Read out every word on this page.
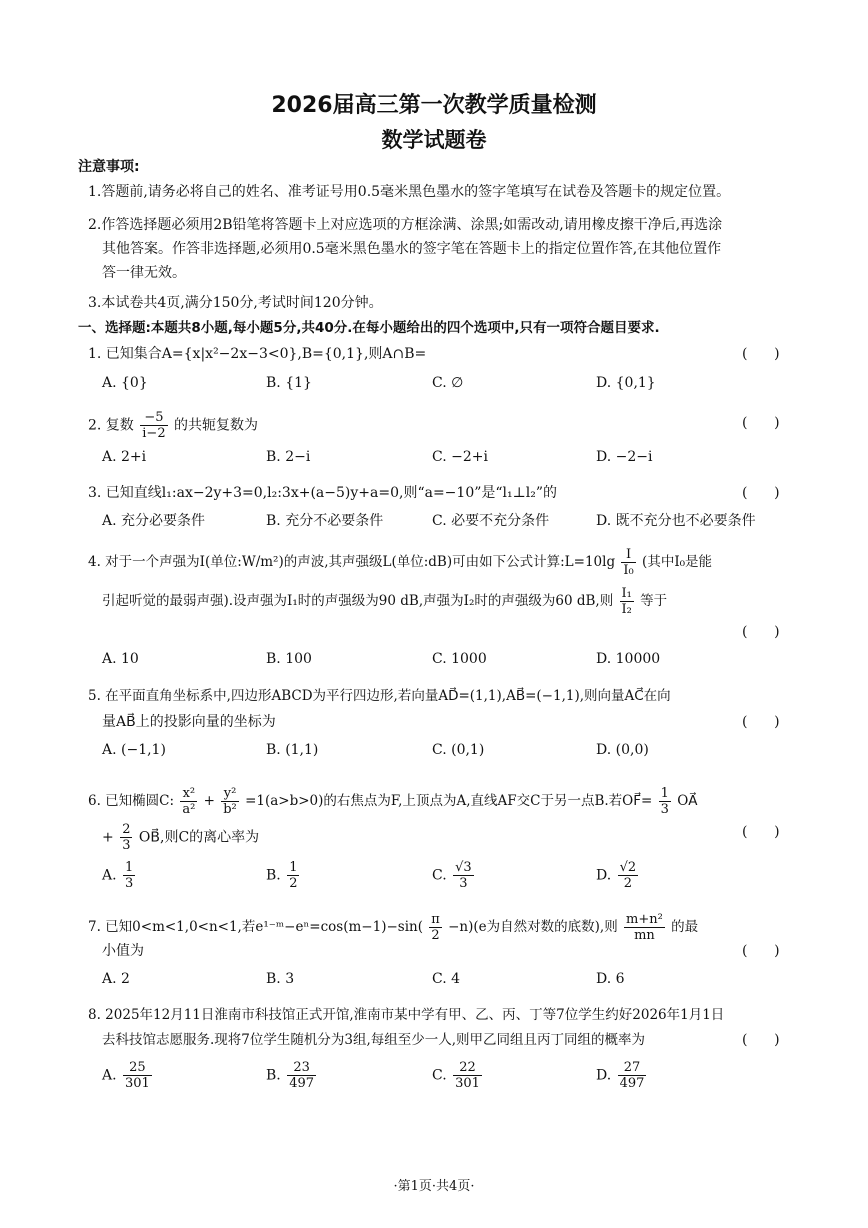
2026届高三第一次教学质量检测
数学试题卷
注意事项:
1.答题前,请务必将自己的姓名、准考证号用0.5毫米黑色墨水的签字笔填写在试卷及答题卡的规定位置。
2.作答选择题必须用2B铅笔将答题卡上对应选项的方框涂满、涂黑;如需改动,请用橡皮擦干净后,再选涂
其他答案。作答非选择题,必须用0.5毫米黑色墨水的签字笔在答题卡上的指定位置作答,在其他位置作
答一律无效。
3.本试卷共4页,满分150分,考试时间120分钟。
一、选择题:本题共8小题,每小题5分,共40分.在每小题给出的四个选项中,只有一项符合题目要求.
1. 已知集合A={x|x²−2x−3<0},B={0,1},则A∩B=	(      )
A. {0}	B. {1}	C. ∅	D. {0,1}
2. 复数 $\frac{-5}{i-2}$ 的共轭复数为	(      )
A. 2+i	B. 2−i	C. −2+i	D. −2−i
3. 已知直线l₁:ax−2y+3=0,l₂:3x+(a−5)y+a=0,则“a=−10”是“l₁⊥l₂”的	(      )
A. 充分必要条件	B. 充分不必要条件	C. 必要不充分条件	D. 既不充分也不必要条件
4. 对于一个声强为I(单位:W/m²)的声波,其声强级L(单位:dB)可由如下公式计算:L=10lg $\frac{I}{\text{I₀}}$ (其中I₀是能
引起听觉的最弱声强).设声强为I₁时的声强级为90 dB,声强为I₂时的声强级为60 dB,则 $\frac{\text{I₁}}{\text{I₂}}$ 等于
(      )
A. 10	B. 100	C. 1000	D. 10000
5. 在平面直角坐标系中,四边形ABCD为平行四边形,若向量AD⃗=(1,1),AB⃗=(−1,1),则向量AC⃗在向
量AB⃗上的投影向量的坐标为	(      )
A. (−1,1)	B. (1,1)	C. (0,1)	D. (0,0)
6. 已知椭圆C: $\frac{\text{x²}}{\text{a²}} + \frac{\text{y²}}{\text{b²}} =1(a>b>0)$的右焦点为F,上顶点为A,直线AF交C于另一点B.若OF⃗= $\frac{1}{3}$ OA⃗
+ $\frac{2}{3}$ OB⃗,则C的离心率为	(      )
A. $\frac{1}{3}$	B. $\frac{1}{2}$	C. $\frac{√3}{3}$	D. $\frac{√2}{2}$
7. 已知0<m<1,0<n<1,若e¹⁻ᵐ−eⁿ=cos(m−1)−sin( $\frac{\pi}{2} -n)(e$为自然对数的底数),则 $\frac{\text{m+n²}}{mn}$ 的最
小值为	(      )
A. 2	B. 3	C. 4	D. 6
8. 2025年12月11日淮南市科技馆正式开馆,淮南市某中学有甲、乙、丙、丁等7位学生约好2026年1月1日
去科技馆志愿服务.现将7位学生随机分为3组,每组至少一人,则甲乙同组且丙丁同组的概率为	(      )
A. $\frac{25}{301}$	B. $\frac{23}{497}$	C. $\frac{22}{301}$	D. $\frac{27}{497}$
·第1页·共4页·
